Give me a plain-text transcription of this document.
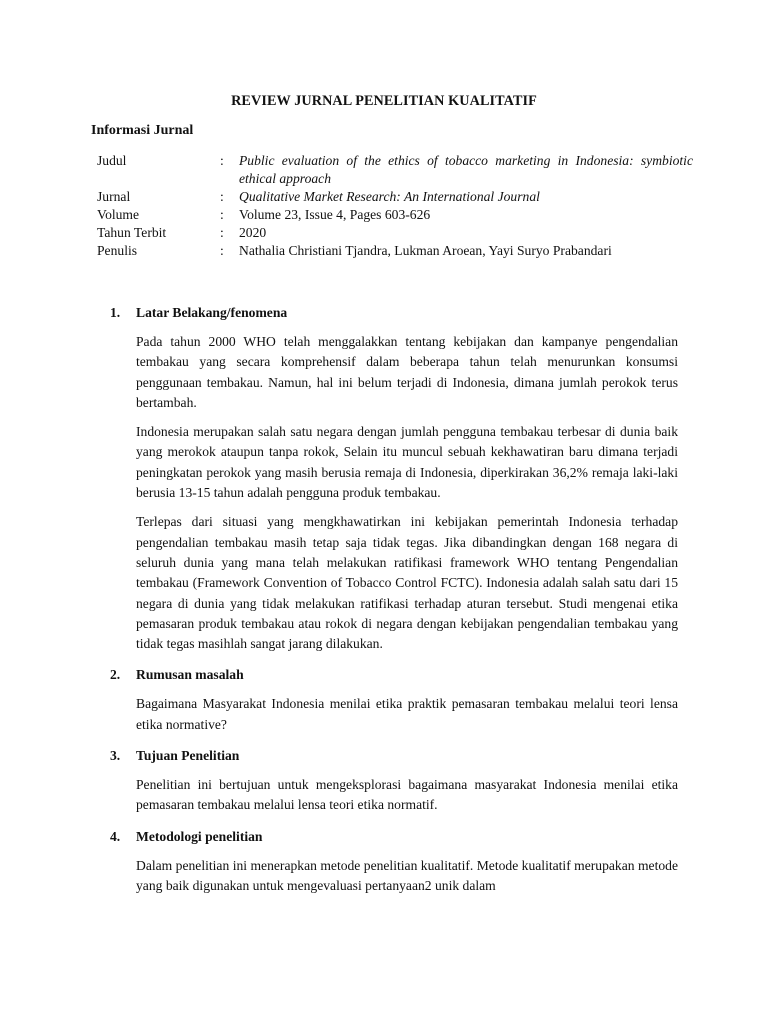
REVIEW JURNAL PENELITIAN KUALITATIF
Informasi Jurnal
Judul	:	Public evaluation of the ethics of tobacco marketing in Indonesia: symbiotic ethical approach
Jurnal	:	Qualitative Market Research: An International Journal
Volume	:	Volume 23, Issue 4, Pages 603-626
Tahun Terbit	:	2020
Penulis	:	Nathalia Christiani Tjandra, Lukman Aroean, Yayi Suryo Prabandari
1.	Latar Belakang/fenomena

Pada tahun 2000 WHO telah menggalakkan tentang kebijakan dan kampanye pengendalian tembakau yang secara komprehensif dalam beberapa tahun telah menurunkan konsumsi penggunaan tembakau. Namun, hal ini belum terjadi di Indonesia, dimana jumlah perokok terus bertambah.

Indonesia merupakan salah satu negara dengan jumlah pengguna tembakau terbesar di dunia baik yang merokok ataupun tanpa rokok, Selain itu muncul sebuah kekhawatiran baru dimana terjadi peningkatan perokok yang masih berusia remaja di Indonesia, diperkirakan 36,2% remaja laki-laki berusia 13-15 tahun adalah pengguna produk tembakau.

Terlepas dari situasi yang mengkhawatirkan ini kebijakan pemerintah Indonesia terhadap pengendalian tembakau masih tetap saja tidak tegas. Jika dibandingkan dengan 168 negara di seluruh dunia yang mana telah melakukan ratifikasi framework WHO tentang Pengendalian tembakau (Framework Convention of Tobacco Control FCTC). Indonesia adalah salah satu dari 15 negara di dunia yang tidak melakukan ratifikasi terhadap aturan tersebut. Studi mengenai etika pemasaran produk tembakau atau rokok di negara dengan kebijakan pengendalian tembakau yang tidak tegas masihlah sangat jarang dilakukan.

2.	Rumusan masalah

Bagaimana Masyarakat Indonesia menilai etika praktik pemasaran tembakau melalui teori lensa etika normative?

3.	Tujuan Penelitian

Penelitian ini bertujuan untuk mengeksplorasi bagaimana masyarakat Indonesia menilai etika pemasaran tembakau melalui lensa teori etika normatif.

4.	Metodologi penelitian

Dalam penelitian ini menerapkan metode penelitian kualitatif. Metode kualitatif merupakan metode yang baik digunakan untuk mengevaluasi pertanyaan2 unik dalam
